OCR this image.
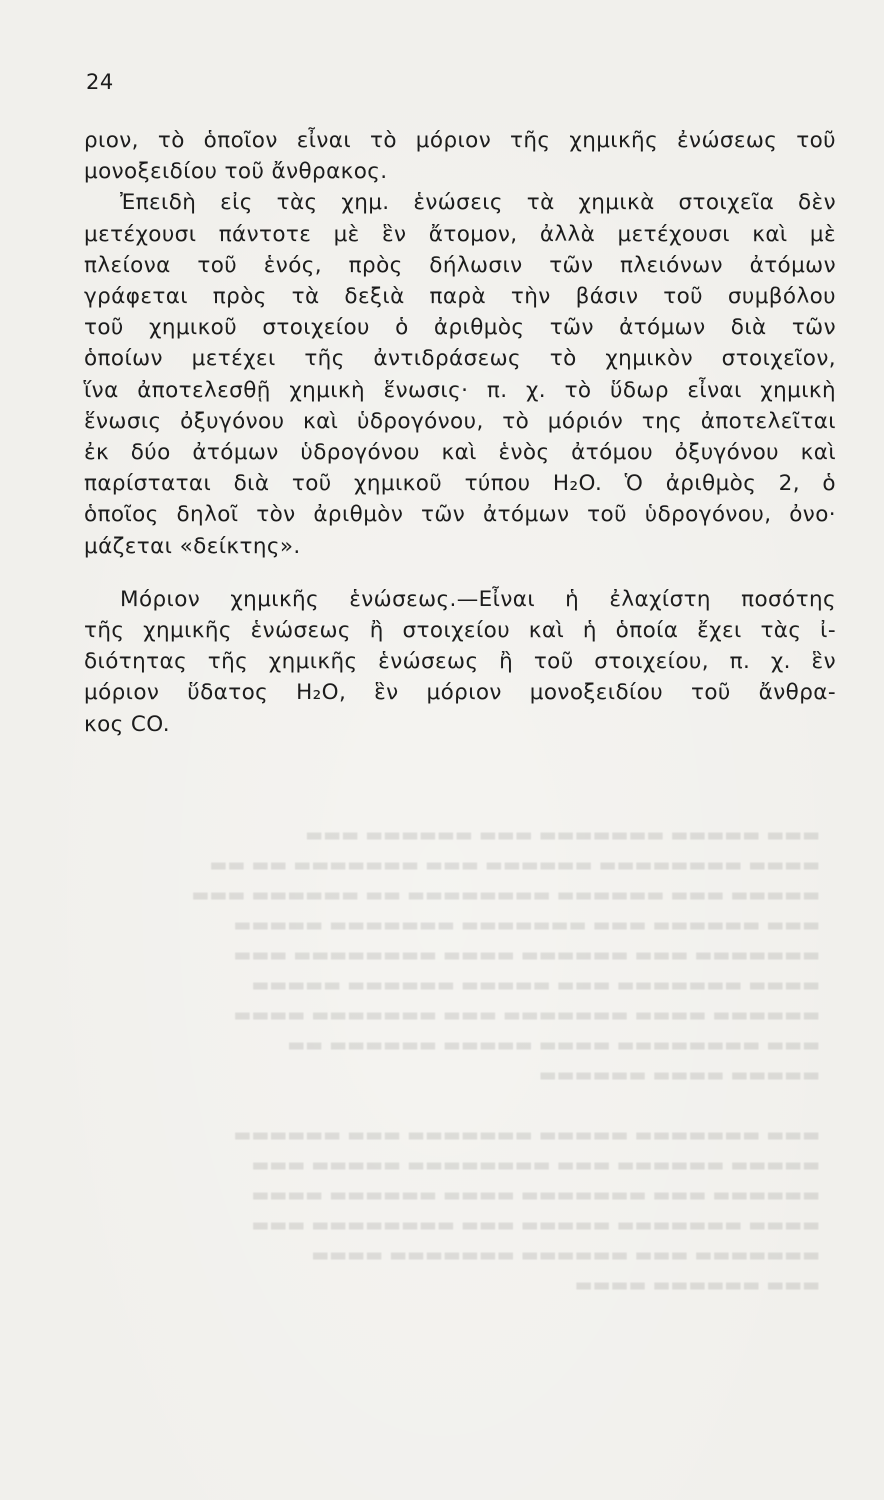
24
ριον, τὸ ὁποῖον εἶναι τὸ μόριον τῆς χημικῆς ἐνώσεως τοῦ
μονοξειδίου τοῦ ἄνθρακος.
Ἐπειδὴ εἰς τὰς χημ. ἑνώσεις τὰ χημικὰ στοιχεῖα δὲν
μετέχουσι πάντοτε μὲ ἓν ἄτομον, ἀλλὰ μετέχουσι καὶ μὲ
πλείονα τοῦ ἑνός, πρὸς δήλωσιν τῶν πλειόνων ἀτόμων
γράφεται πρὸς τὰ δεξιὰ παρὰ τὴν βάσιν τοῦ συμβόλου
τοῦ χημικοῦ στοιχείου ὁ ἀριθμὸς τῶν ἀτόμων διὰ τῶν
ὁποίων μετέχει τῆς ἀντιδράσεως τὸ χημικὸν στοιχεῖον,
ἵνα ἀποτελεσθῇ χημικὴ ἕνωσις· π. χ. τὸ ὕδωρ εἶναι χημικὴ
ἕνωσις ὀξυγόνου καὶ ὑδρογόνου, τὸ μόριόν της ἀποτελεῖται
ἐκ δύο ἀτόμων ὑδρογόνου καὶ ἑνὸς ἀτόμου ὀξυγόνου καὶ
παρίσταται διὰ τοῦ χημικοῦ τύπου H₂O. Ὁ ἀριθμὸς 2, ὁ
ὁποῖος δηλοῖ τὸν ἀριθμὸν τῶν ἀτόμων τοῦ ὑδρογόνου, ὀνο·
μάζεται «δείκτης».
Μόριον χημικῆς ἑνώσεως.—Εἶναι ἡ ἐλαχίστη ποσότης
τῆς χημικῆς ἑνώσεως ἢ στοιχείου καὶ ἡ ὁποία ἔχει τὰς ἰ-
διότητας τῆς χημικῆς ἑνώσεως ἢ τοῦ στοιχείου, π. χ. ἓν
μόριον ὕδατος H₂O, ἓν μόριον μονοξειδίου τοῦ ἄνθρα-
κος CO.
▬▬▬ ▬▬▬▬▬ ▬▬▬▬▬▬▬ ▬▬▬ ▬▬▬▬▬▬ ▬▬▬
▬▬▬▬ ▬▬▬▬▬▬▬▬ ▬▬▬▬▬▬ ▬▬▬ ▬▬▬▬▬▬▬ ▬▬ ▬▬
▬▬▬▬▬ ▬▬▬ ▬▬▬▬▬▬ ▬▬▬▬▬▬▬▬ ▬▬ ▬▬▬▬▬▬ ▬▬▬
▬▬▬ ▬▬▬▬▬▬ ▬▬▬ ▬▬▬▬▬▬▬ ▬▬▬▬▬▬▬ ▬▬▬▬▬
▬▬▬▬▬▬▬ ▬▬▬ ▬▬▬▬▬▬ ▬▬▬▬ ▬▬▬▬▬▬▬▬ ▬▬▬
▬▬▬▬ ▬▬▬▬▬▬▬ ▬▬▬ ▬▬▬▬▬ ▬▬▬▬▬▬ ▬▬▬▬▬
▬▬▬▬▬▬ ▬▬▬▬ ▬▬▬▬▬▬▬ ▬▬▬ ▬▬▬▬▬▬▬ ▬▬▬▬
▬▬▬ ▬▬▬▬▬▬▬▬ ▬▬▬▬ ▬▬▬▬▬ ▬▬▬▬▬▬ ▬▬
▬▬▬▬▬ ▬▬▬▬ ▬▬▬▬▬▬

▬▬▬ ▬▬▬▬▬▬▬ ▬▬▬▬▬ ▬▬▬▬▬▬▬ ▬▬▬ ▬▬▬▬▬▬
▬▬▬▬▬ ▬▬▬▬▬▬ ▬▬▬ ▬▬▬▬▬▬▬▬ ▬▬▬▬▬ ▬▬▬
▬▬▬▬▬▬ ▬▬▬ ▬▬▬▬▬▬▬ ▬▬▬▬ ▬▬▬▬▬▬ ▬▬▬▬
▬▬▬▬ ▬▬▬▬▬▬▬ ▬▬▬▬▬ ▬▬▬ ▬▬▬▬▬▬▬▬ ▬▬▬
▬▬▬▬▬▬▬ ▬▬▬ ▬▬▬▬▬▬ ▬▬▬▬▬▬▬ ▬▬▬▬
▬▬▬ ▬▬▬▬▬▬ ▬▬▬▬
